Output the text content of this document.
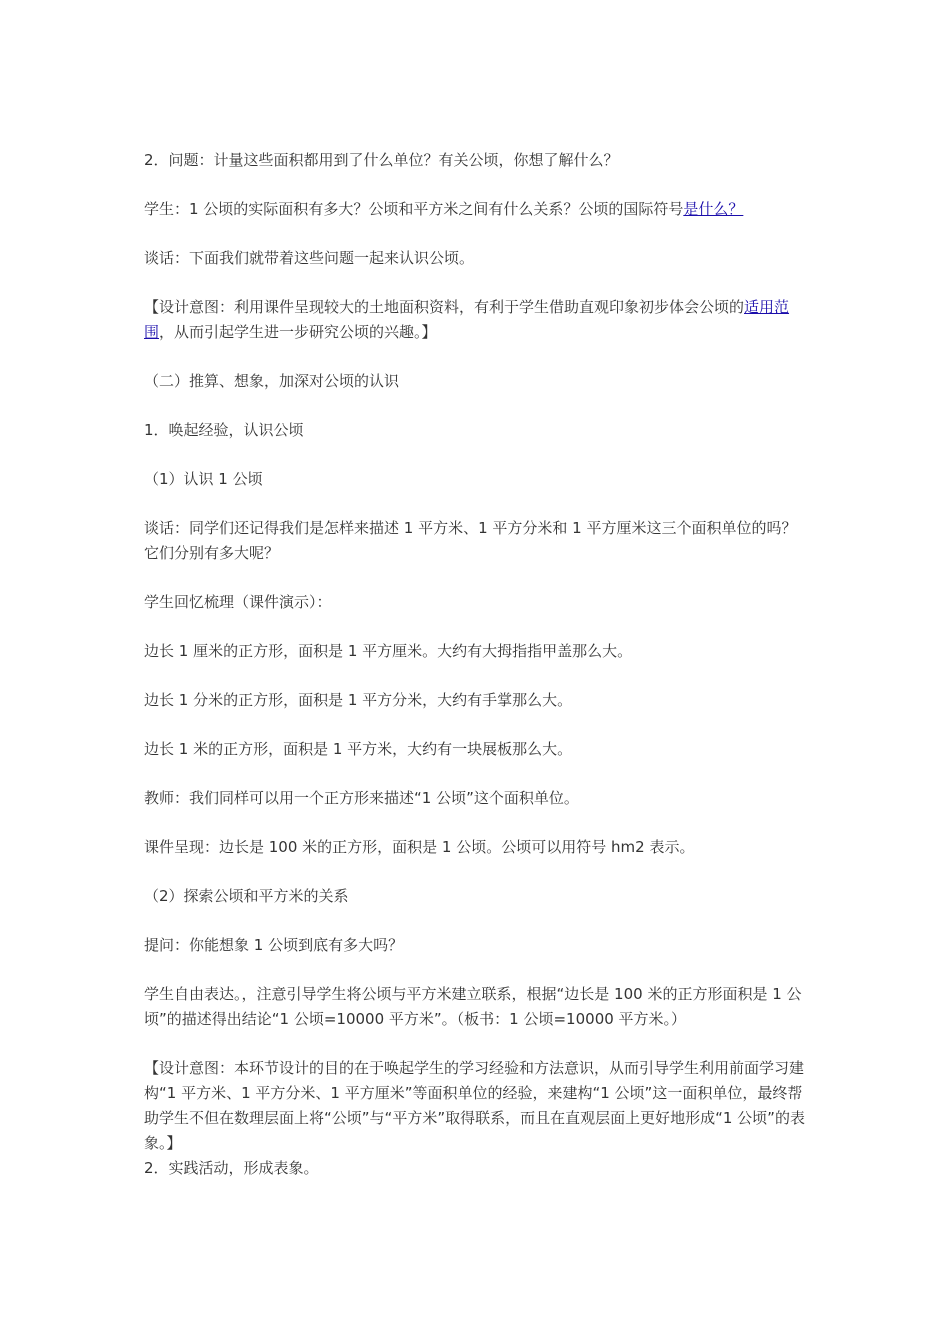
2．问题：计量这些面积都用到了什么单位？有关公顷，你想了解什么？

学生：1 公顷的实际面积有多大？公顷和平方米之间有什么关系？公顷的国际符号是什么？

谈话：下面我们就带着这些问题一起来认识公顷。

【设计意图：利用课件呈现较大的土地面积资料，有利于学生借助直观印象初步体会公顷的适用范围，从而引起学生进一步研究公顷的兴趣。】

（二）推算、想象，加深对公顷的认识

1．唤起经验，认识公顷

（1）认识 1 公顷

谈话：同学们还记得我们是怎样来描述 1 平方米、1 平方分米和 1 平方厘米这三个面积单位的吗？它们分别有多大呢？

学生回忆梳理（课件演示）：

边长 1 厘米的正方形，面积是 1 平方厘米。大约有大拇指指甲盖那么大。

边长 1 分米的正方形，面积是 1 平方分米，大约有手掌那么大。

边长 1 米的正方形，面积是 1 平方米，大约有一块展板那么大。

教师：我们同样可以用一个正方形来描述“1 公顷”这个面积单位。

课件呈现：边长是 100 米的正方形，面积是 1 公顷。公顷可以用符号 hm2 表示。

（2）探索公顷和平方米的关系

提问：你能想象 1 公顷到底有多大吗？

学生自由表达。，注意引导学生将公顷与平方米建立联系，根据“边长是 100 米的正方形面积是 1 公顷”的描述得出结论“1 公顷=10000 平方米”。（板书：1 公顷=10000 平方米。）

【设计意图：本环节设计的目的在于唤起学生的学习经验和方法意识，从而引导学生利用前面学习建构“1 平方米、1 平方分米、1 平方厘米”等面积单位的经验，来建构“1 公顷”这一面积单位，最终帮助学生不但在数理层面上将“公顷”与“平方米”取得联系，而且在直观层面上更好地形成“1 公顷”的表象。】

2．实践活动，形成表象。
